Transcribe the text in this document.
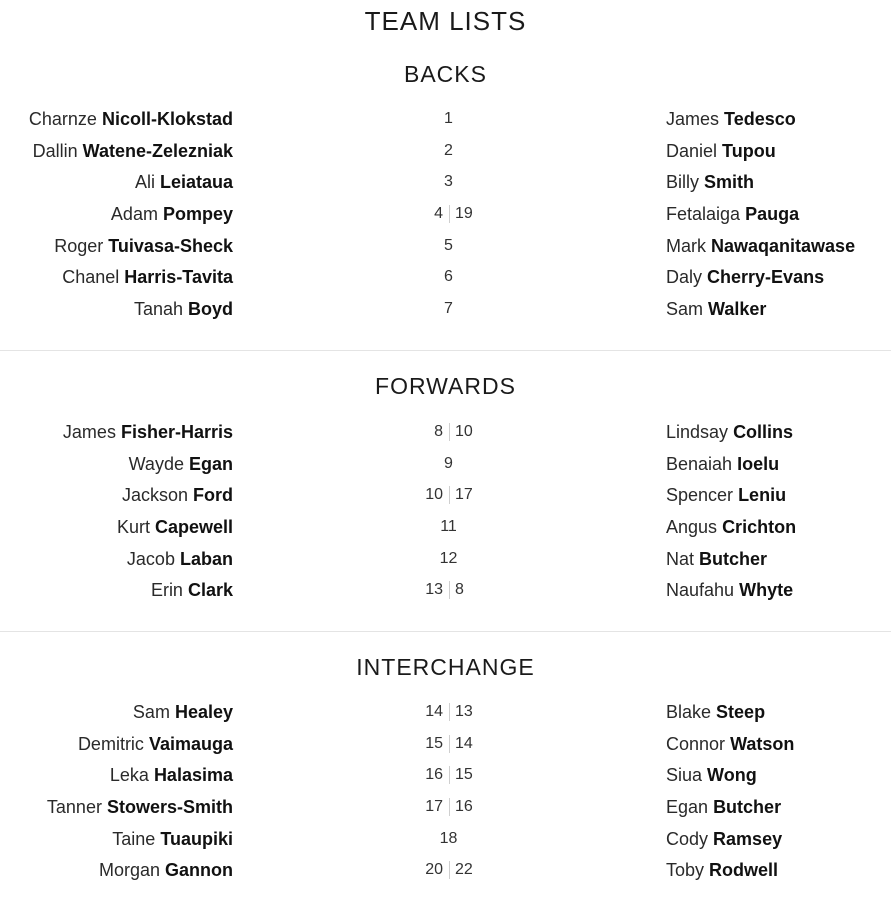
TEAM LISTS
BACKS
Charnze Nicoll-Klokstad	1	James Tedesco
Dallin Watene-Zelezniak	2	Daniel Tupou
Ali Leiataua	3	Billy Smith
Adam Pompey	4 19	Fetalaiga Pauga
Roger Tuivasa-Sheck	5	Mark Nawaqanitawase
Chanel Harris-Tavita	6	Daly Cherry-Evans
Tanah Boyd	7	Sam Walker
FORWARDS
James Fisher-Harris	8 10	Lindsay Collins
Wayde Egan	9	Benaiah Ioelu
Jackson Ford	10 17	Spencer Leniu
Kurt Capewell	11	Angus Crichton
Jacob Laban	12	Nat Butcher
Erin Clark	13 8	Naufahu Whyte
INTERCHANGE
Sam Healey	14 13	Blake Steep
Demitric Vaimauga	15 14	Connor Watson
Leka Halasima	16 15	Siua Wong
Tanner Stowers-Smith	17 16	Egan Butcher
Taine Tuaupiki	18	Cody Ramsey
Morgan Gannon	20 22	Toby Rodwell
